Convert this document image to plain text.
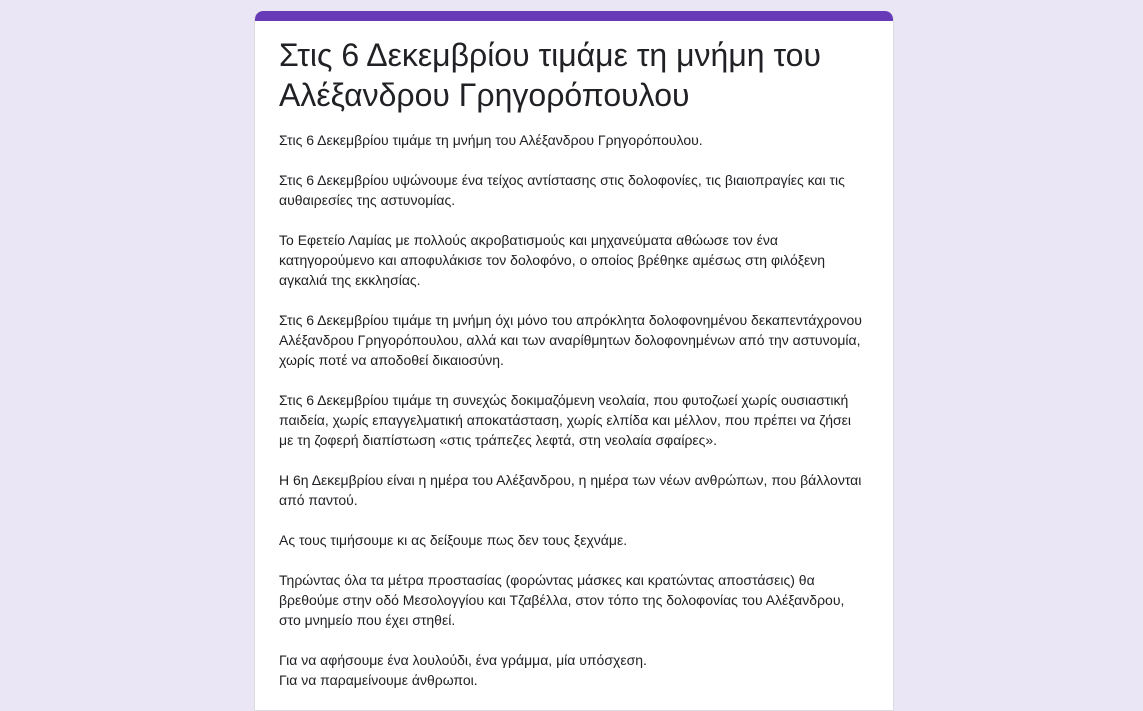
Στις 6 Δεκεμβρίου τιμάμε τη μνήμη του Αλέξανδρου Γρηγορόπουλου

Στις 6 Δεκεμβρίου τιμάμε τη μνήμη του Αλέξανδρου Γρηγορόπουλου.

Στις 6 Δεκεμβρίου υψώνουμε ένα τείχος αντίστασης στις δολοφονίες, τις βιαιοπραγίες και τις αυθαιρεσίες της αστυνομίας.

Το Εφετείο Λαμίας με πολλούς ακροβατισμούς και μηχανεύματα αθώωσε τον ένα κατηγορούμενο και αποφυλάκισε τον δολοφόνο, ο οποίος βρέθηκε αμέσως στη φιλόξενη αγκαλιά της εκκλησίας.

Στις 6 Δεκεμβρίου τιμάμε τη μνήμη όχι μόνο του απρόκλητα δολοφονημένου δεκαπεντάχρονου Αλέξανδρου Γρηγορόπουλου, αλλά και των αναρίθμητων δολοφονημένων από την αστυνομία, χωρίς ποτέ να αποδοθεί δικαιοσύνη.

Στις 6 Δεκεμβρίου τιμάμε τη συνεχώς δοκιμαζόμενη νεολαία, που φυτοζωεί χωρίς ουσιαστική παιδεία, χωρίς επαγγελματική αποκατάσταση, χωρίς ελπίδα και μέλλον, που πρέπει να ζήσει με τη ζοφερή διαπίστωση «στις τράπεζες λεφτά, στη νεολαία σφαίρες».

Η 6η Δεκεμβρίου είναι η ημέρα του Αλέξανδρου, η ημέρα των νέων ανθρώπων, που βάλλονται από παντού.

Ας τους τιμήσουμε κι ας δείξουμε πως δεν τους ξεχνάμε.

Τηρώντας όλα τα μέτρα προστασίας (φορώντας μάσκες και κρατώντας αποστάσεις) θα βρεθούμε στην οδό Μεσολογγίου και Τζαβέλλα, στον τόπο της δολοφονίας του Αλέξανδρου, στο μνημείο που έχει στηθεί.

Για να αφήσουμε ένα λουλούδι, ένα γράμμα, μία υπόσχεση.

Για να παραμείνουμε άνθρωποι.
